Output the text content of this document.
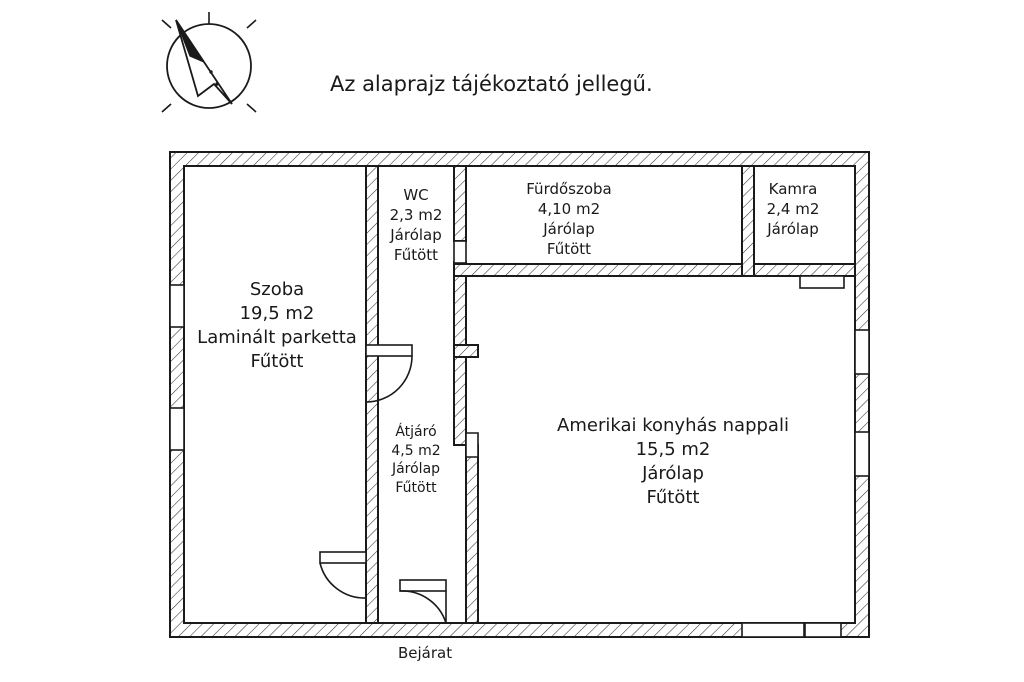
Az alaprajz tájékoztató jellegű.
Szoba
19,5 m2
Laminált parketta
Fűtött
WC
2,3 m2
Járólap
Fűtött
Fürdőszoba
4,10 m2
Járólap
Fűtött
Kamra
2,4 m2
Járólap
Átjáró
4,5 m2
Járólap
Fűtött
Amerikai konyhás nappali
15,5 m2
Járólap
Fűtött
Bejárat
